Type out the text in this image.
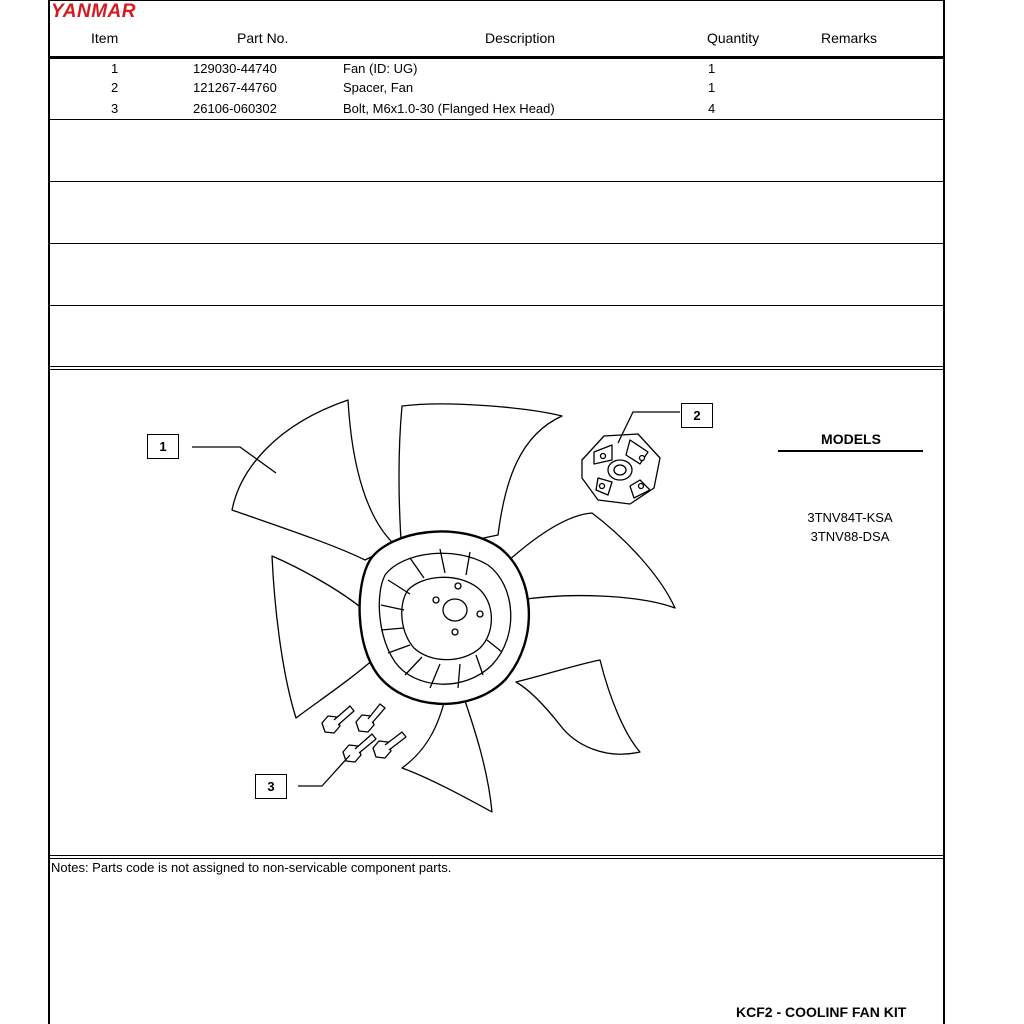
YANMAR
Item	Part No.	Description	Quantity	Remarks
1	129030-44740	Fan (ID: UG)	1
2	121267-44760	Spacer, Fan	1
3	26106-060302	Bolt, M6x1.0-30 (Flanged Hex Head)	4
1
2
3
MODELS
3TNV84T-KSA
3TNV88-DSA
Notes: Parts code is not assigned to non-servicable component parts.
KCF2 - COOLINF FAN KIT
